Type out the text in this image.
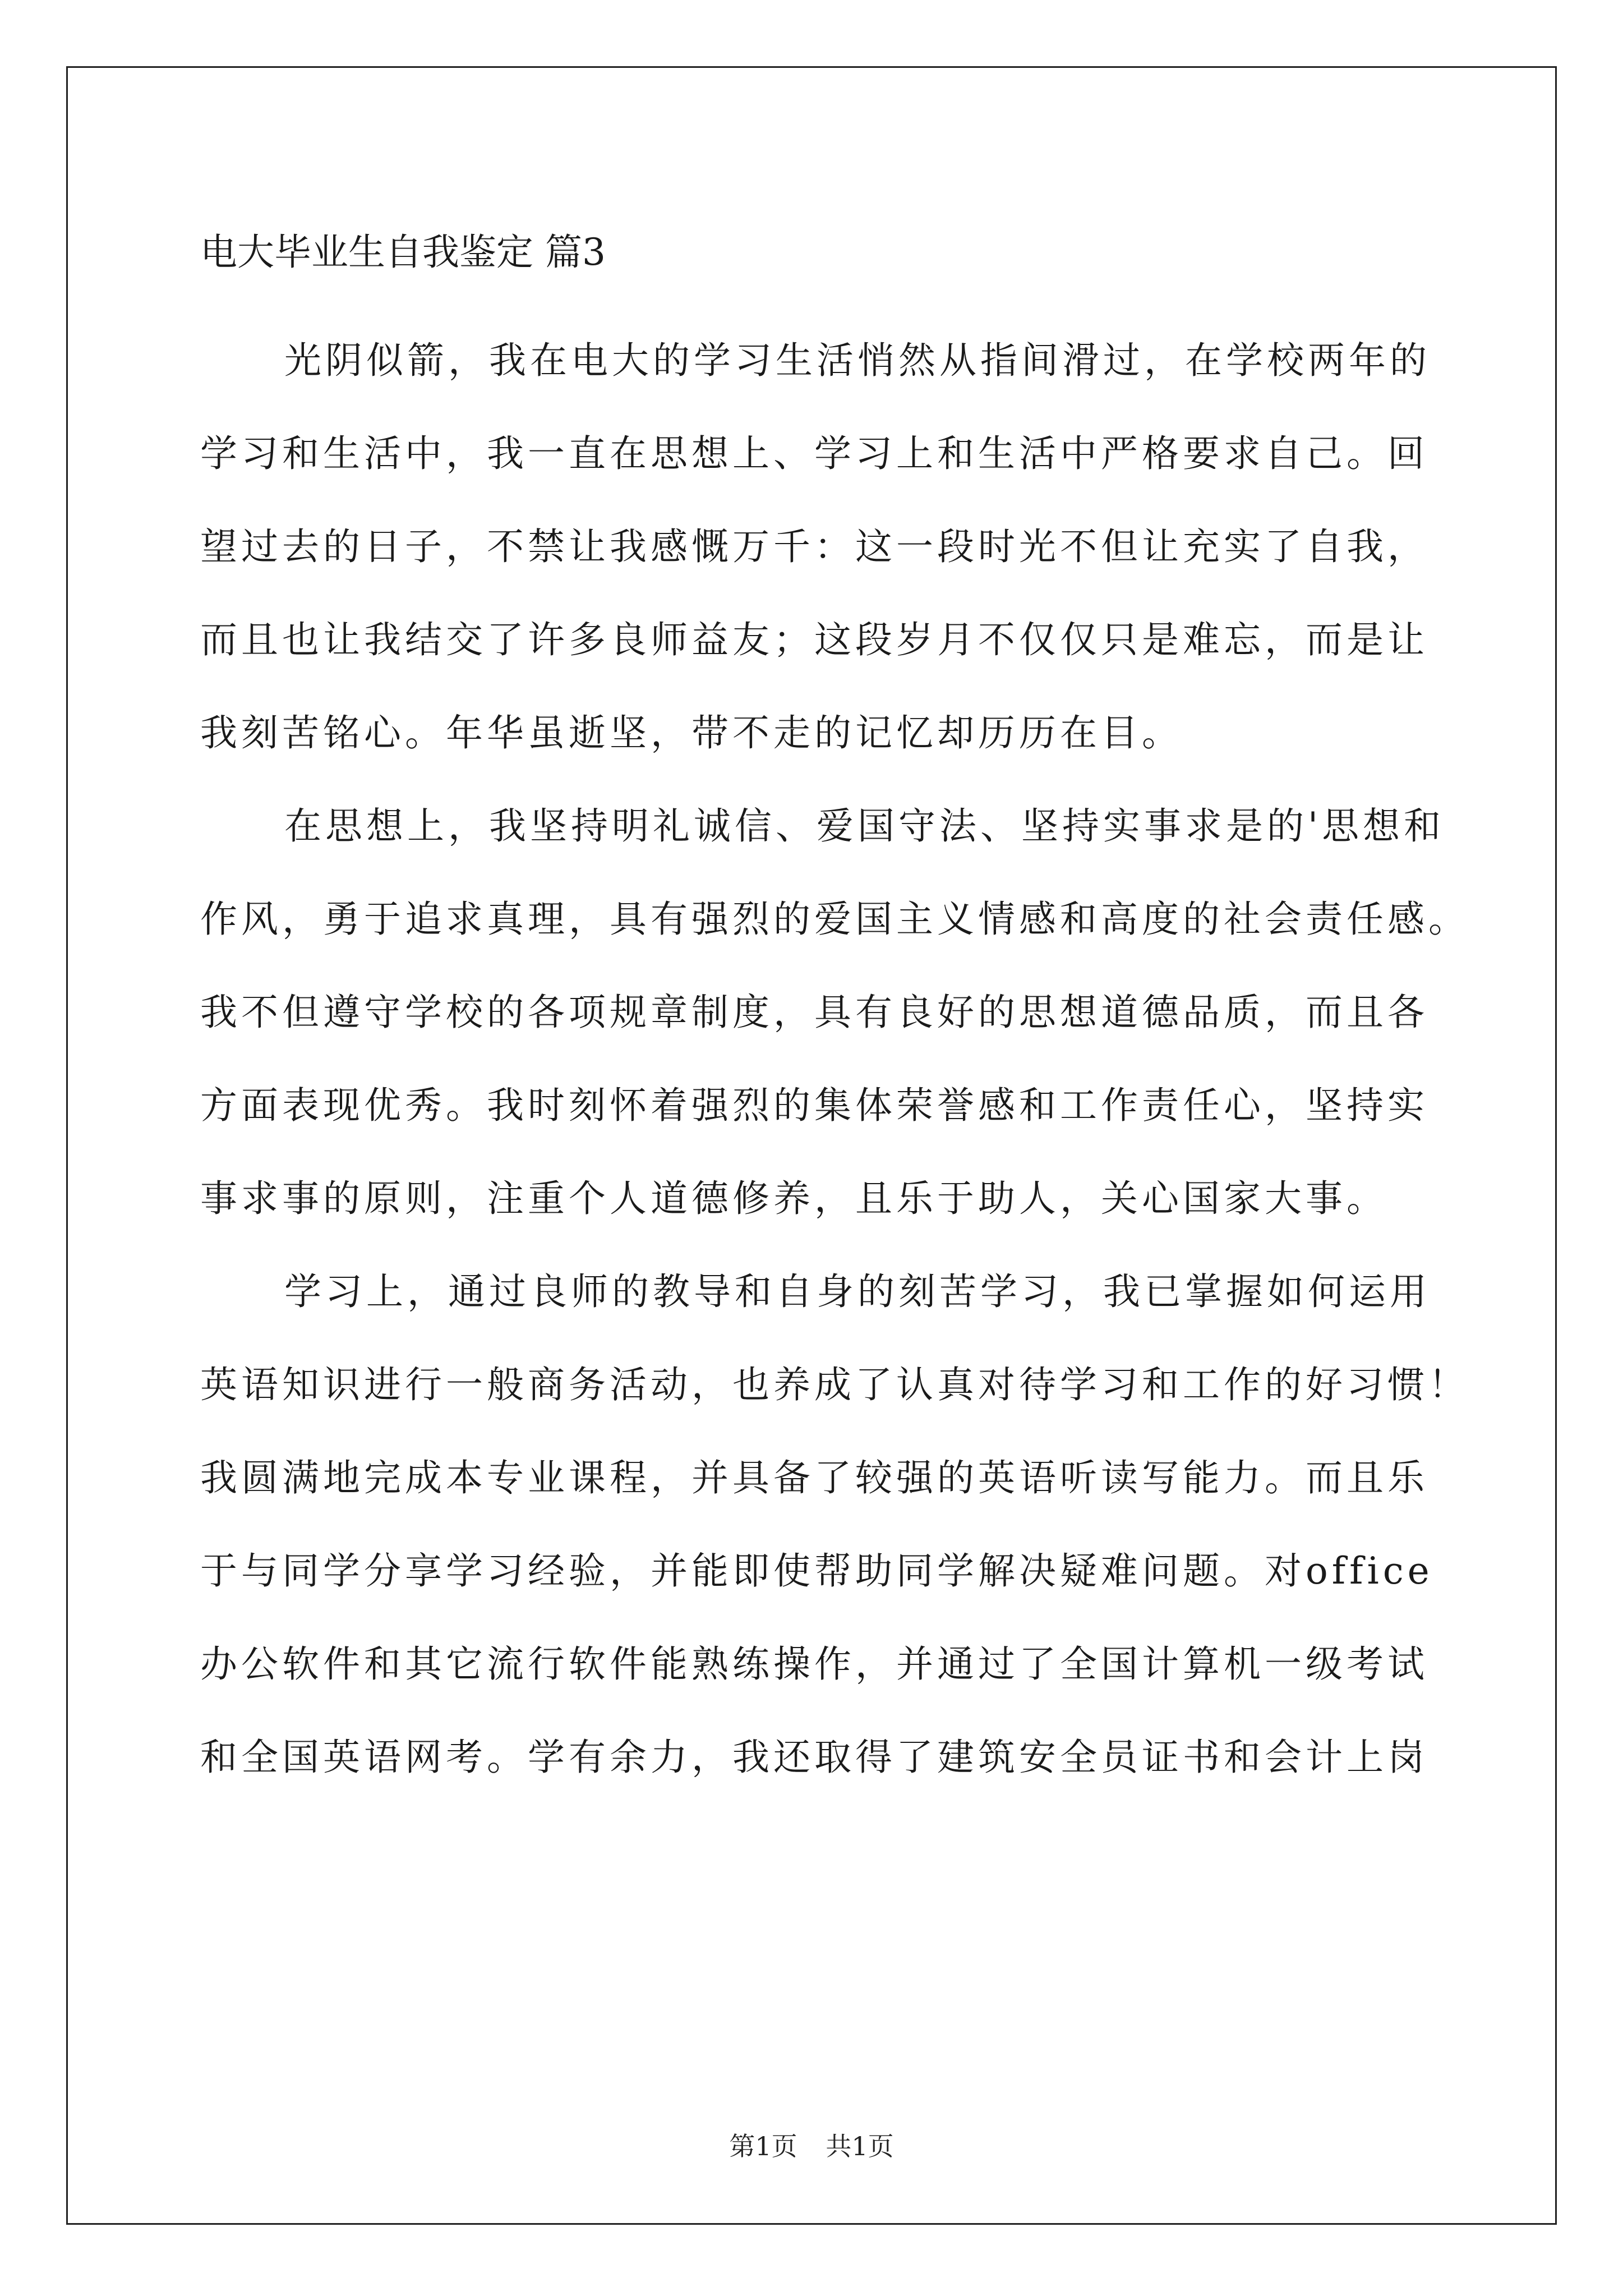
电大毕业生自我鉴定 篇3
光阴似箭，我在电大的学习生活悄然从指间滑过，在学校两年的
学习和生活中，我一直在思想上、学习上和生活中严格要求自己。回
望过去的日子，不禁让我感慨万千：这一段时光不但让充实了自我，
而且也让我结交了许多良师益友；这段岁月不仅仅只是难忘，而是让
我刻苦铭心。年华虽逝坚，带不走的记忆却历历在目。
在思想上，我坚持明礼诚信、爱国守法、坚持实事求是的'思想和
作风，勇于追求真理，具有强烈的爱国主义情感和高度的社会责任感。
我不但遵守学校的各项规章制度，具有良好的思想道德品质，而且各
方面表现优秀。我时刻怀着强烈的集体荣誉感和工作责任心，坚持实
事求事的原则，注重个人道德修养，且乐于助人，关心国家大事。
学习上，通过良师的教导和自身的刻苦学习，我已掌握如何运用
英语知识进行一般商务活动，也养成了认真对待学习和工作的好习惯！
我圆满地完成本专业课程，并具备了较强的英语听读写能力。而且乐
于与同学分享学习经验，并能即使帮助同学解决疑难问题。对office
办公软件和其它流行软件能熟练操作，并通过了全国计算机一级考试
和全国英语网考。学有余力，我还取得了建筑安全员证书和会计上岗
第1页 共1页
